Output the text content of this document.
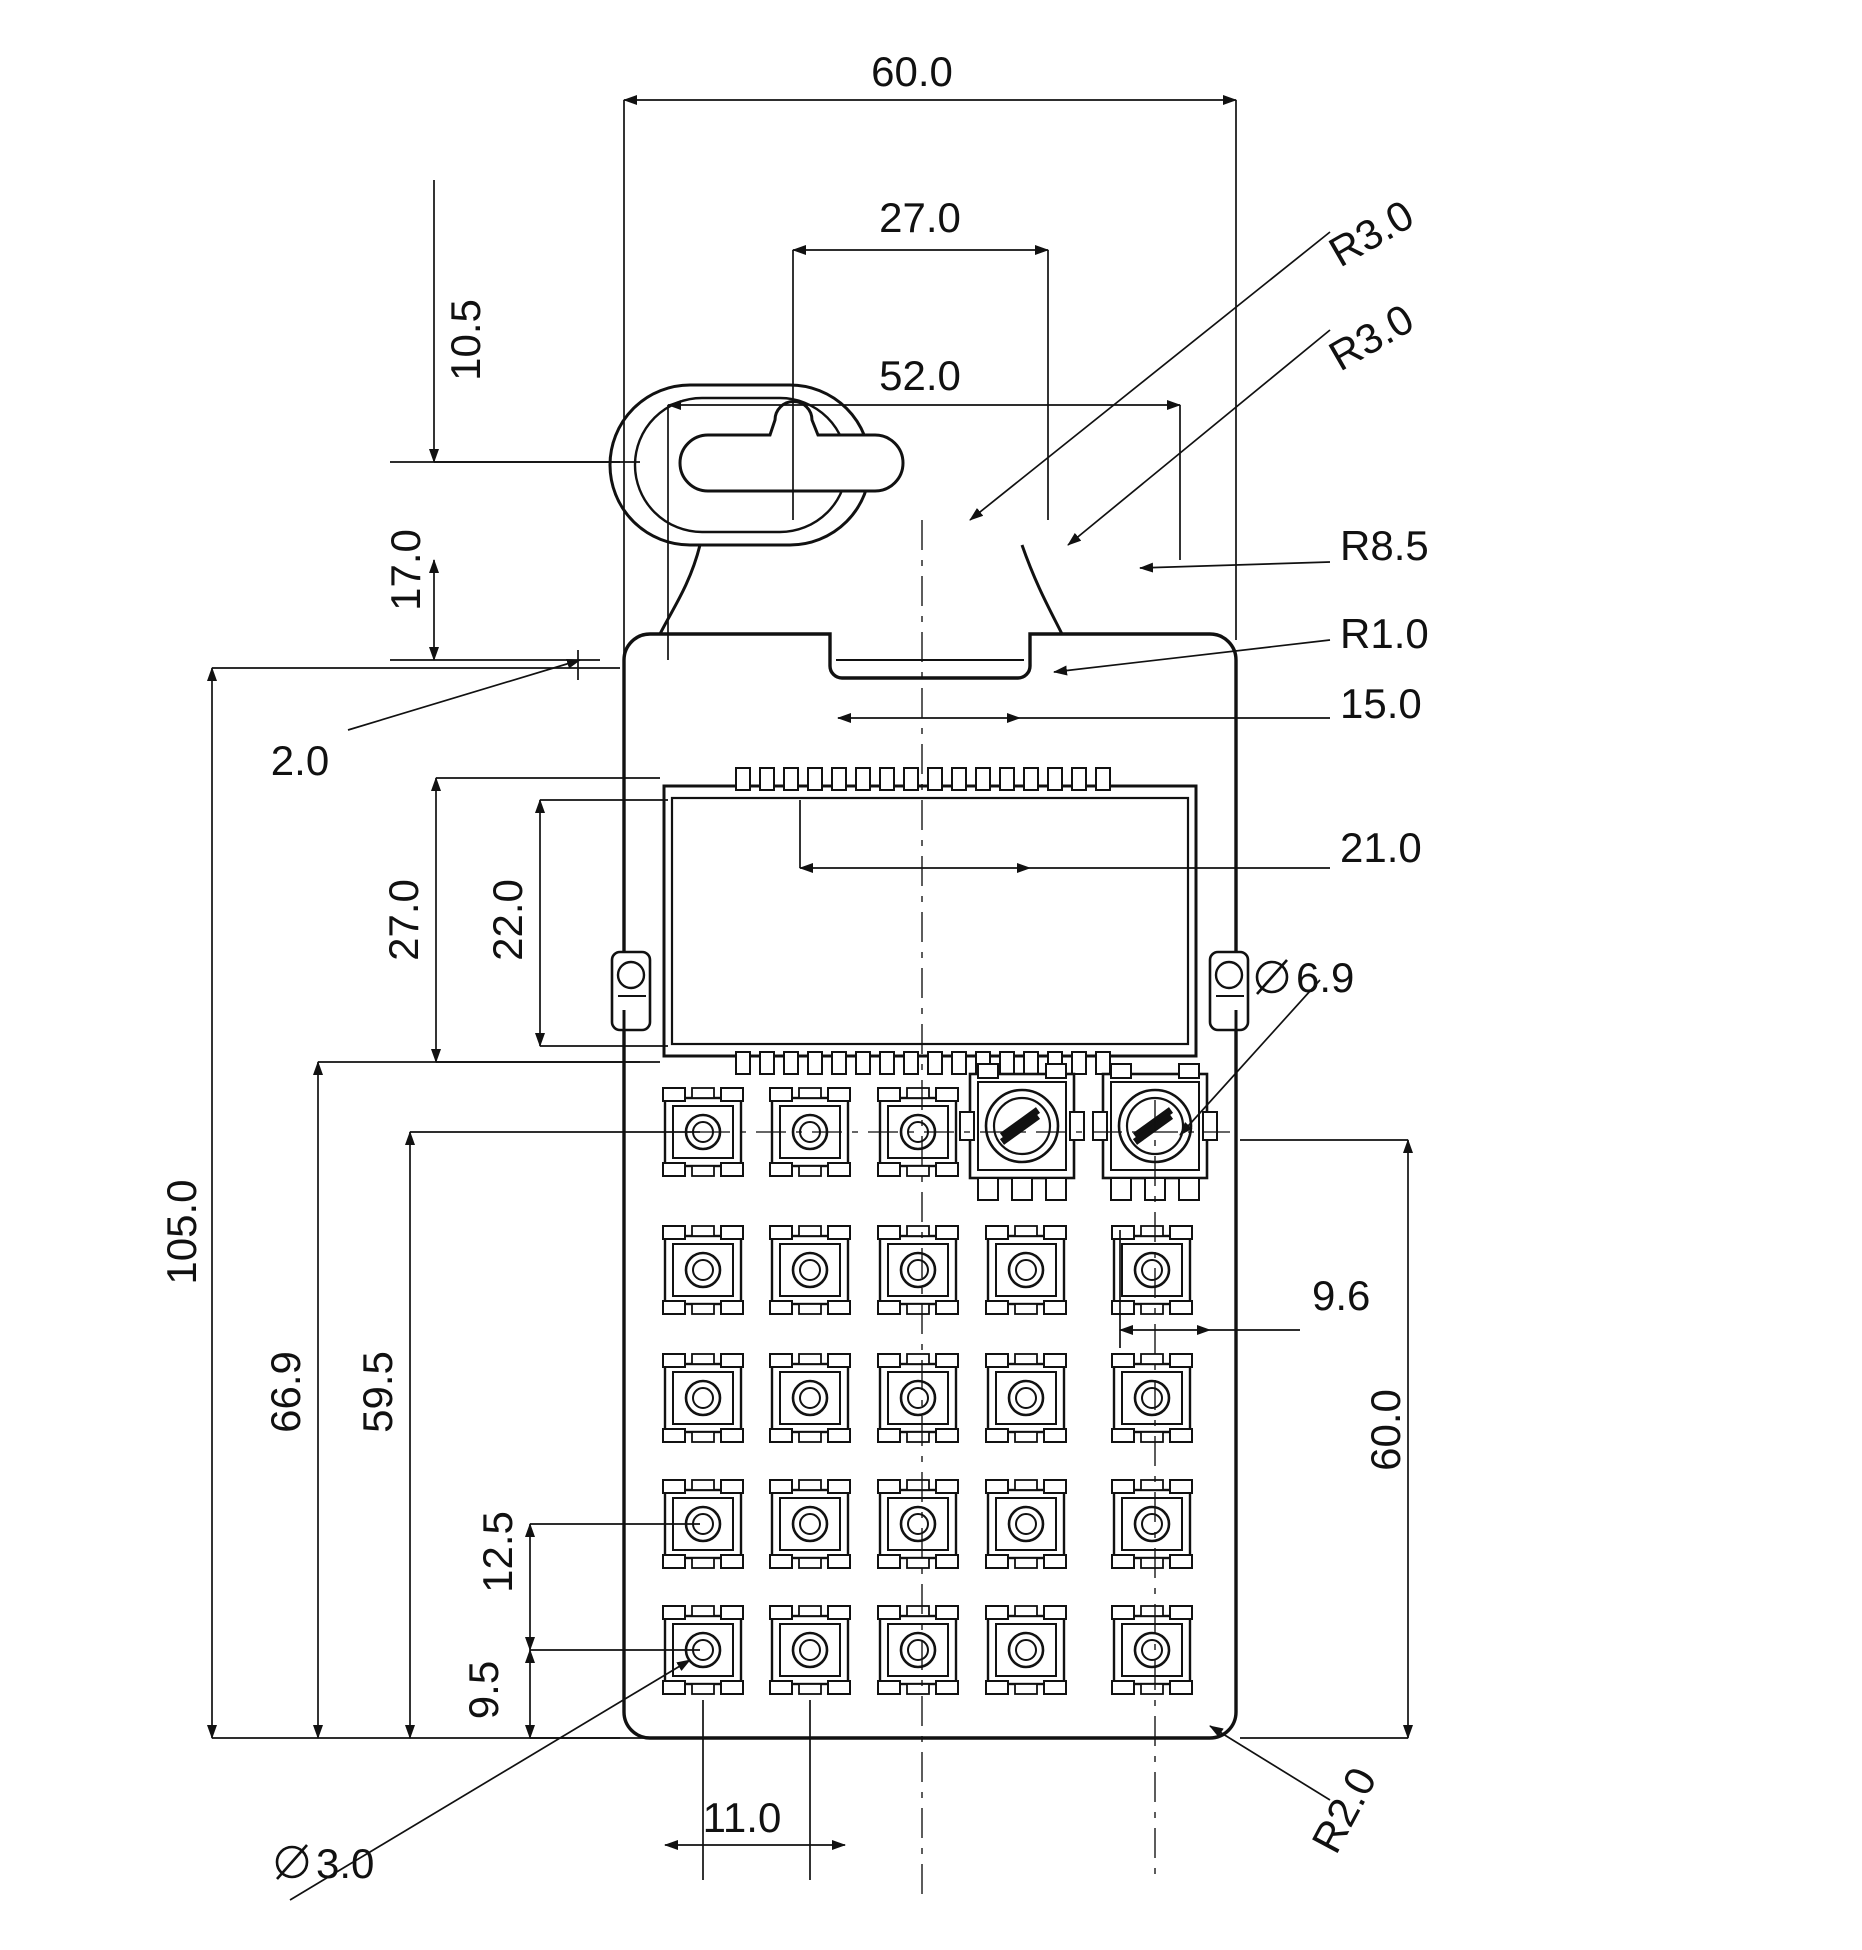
60.0
27.0
52.0
10.5
17.0
R3.0
R3.0
R8.5
R1.0
15.0
21.0
2.0
27.0 22.0
105.0
66.9 59.5
12.5
9.5
11.0
3.0
6.9
9.6
60.0
R2.0
